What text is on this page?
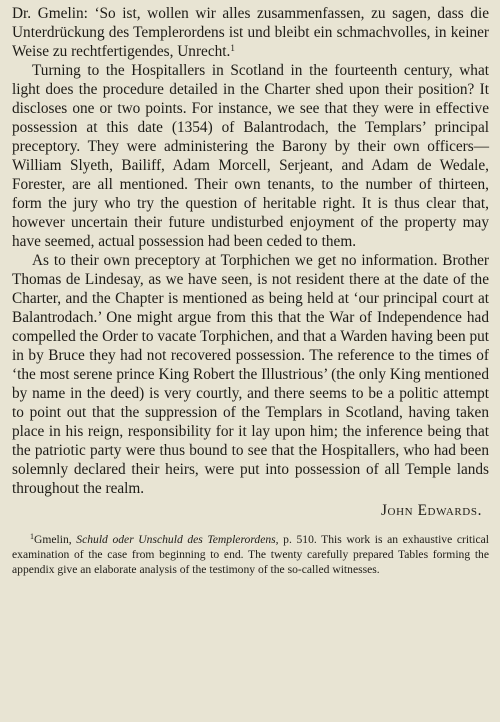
Dr. Gmelin: ‘So ist, wollen wir alles zusammenfassen, zu sagen, dass die Unterdrückung des Templerordens ist und bleibt ein schmachvolles, in keiner Weise zu rechtfertigendes, Unrecht.$^1$

Turning to the Hospitallers in Scotland in the fourteenth century, what light does the procedure detailed in the Charter shed upon their position? It discloses one or two points. For instance, we see that they were in effective possession at this date (1354) of Balantrodach, the Templars’ principal preceptory. They were administering the Barony by their own officers—William Slyeth, Bailiff, Adam Morcell, Serjeant, and Adam de Wedale, Forester, are all mentioned. Their own tenants, to the number of thirteen, form the jury who try the question of heritable right. It is thus clear that, however uncertain their future undisturbed enjoyment of the property may have seemed, actual possession had been ceded to them.

As to their own preceptory at Torphichen we get no information. Brother Thomas de Lindesay, as we have seen, is not resident there at the date of the Charter, and the Chapter is mentioned as being held at ‘our principal court at Balantrodach.’ One might argue from this that the War of Independence had compelled the Order to vacate Torphichen, and that a Warden having been put in by Bruce they had not recovered possession. The reference to the times of ‘the most serene prince King Robert the Illustrious’ (the only King mentioned by name in the deed) is very courtly, and there seems to be a politic attempt to point out that the suppression of the Templars in Scotland, having taken place in his reign, responsibility for it lay upon him; the inference being that the patriotic party were thus bound to see that the Hospitallers, who had been solemnly declared their heirs, were put into possession of all Temple lands throughout the realm.

John Edwards.

$^1$Gmelin, Schuld oder Unschuld des Templerordens, p. 510. This work is an exhaustive critical examination of the case from beginning to end. The twenty carefully prepared Tables forming the appendix give an elaborate analysis of the testimony of the so-called witnesses.
